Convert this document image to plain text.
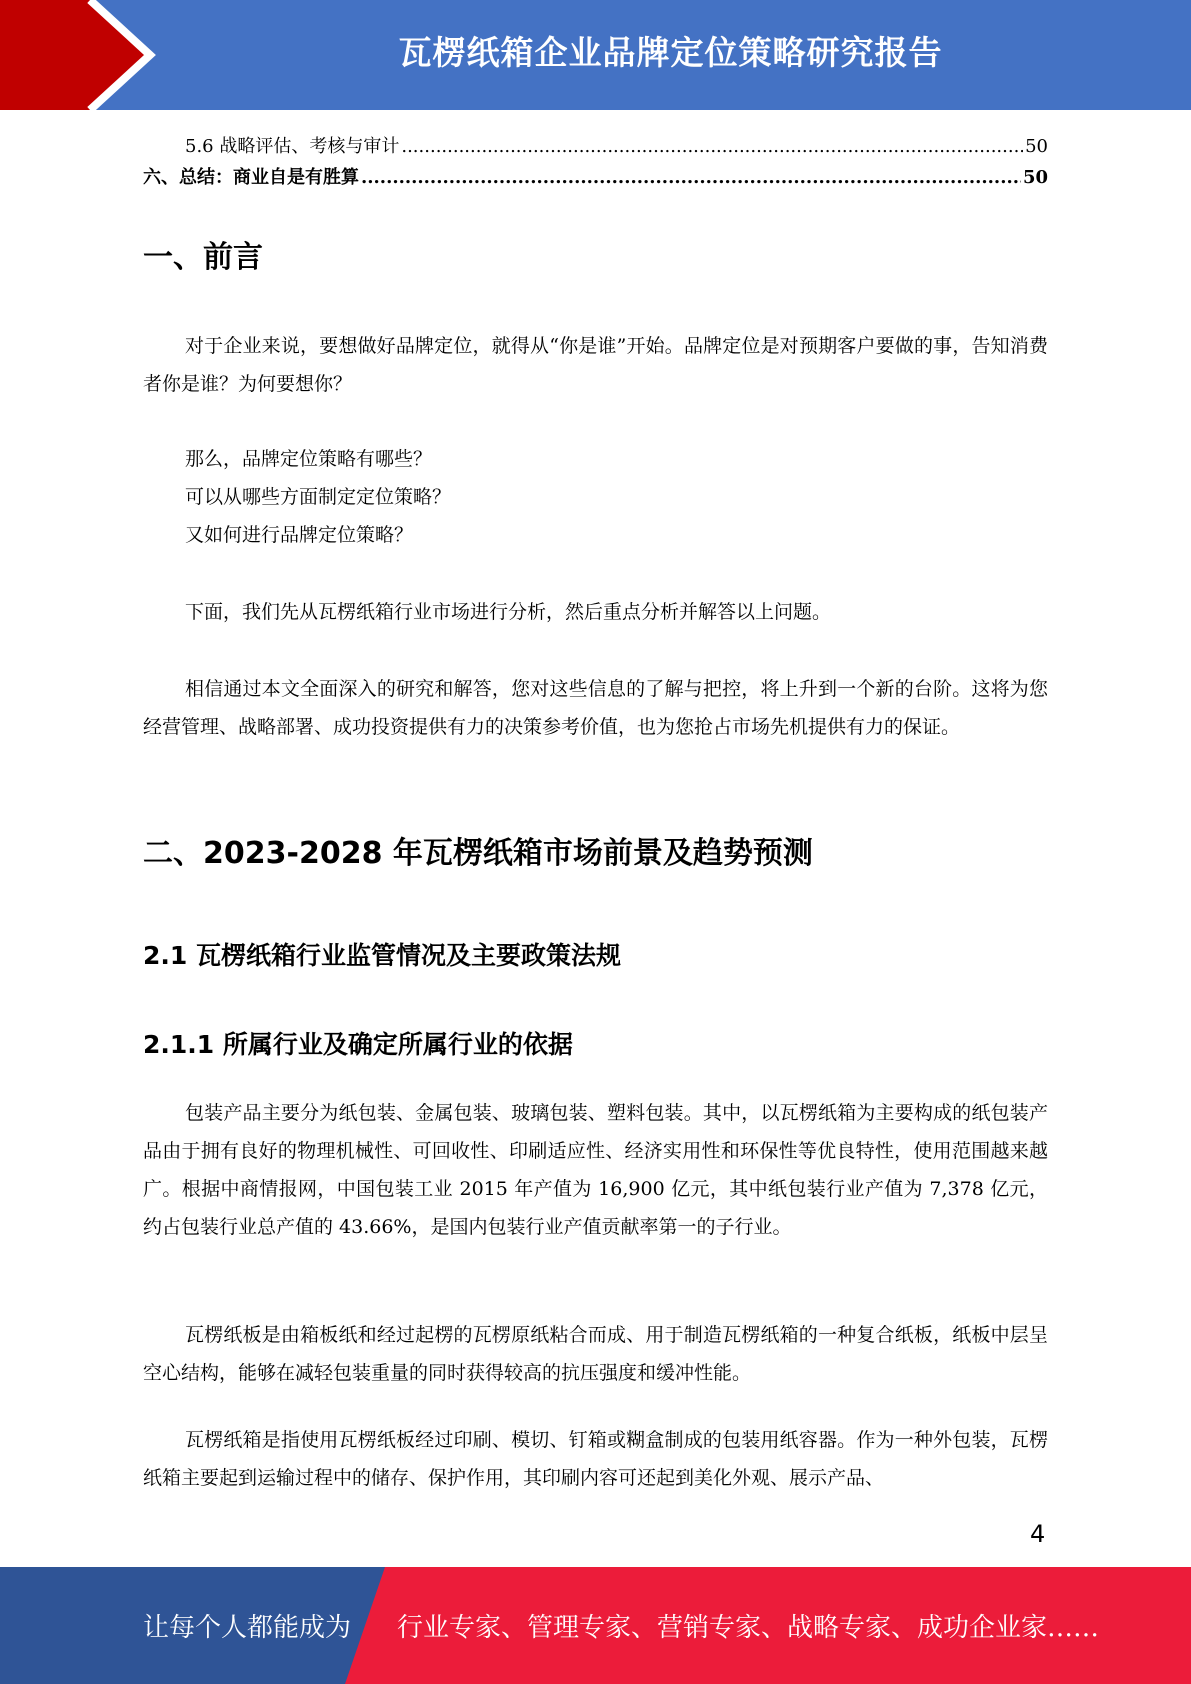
瓦楞纸箱企业品牌定位策略研究报告
5.6 战略评估、考核与审计 .....	50
六、总结：商业自是有胜算 .....	50
一、前言

对于企业来说，要想做好品牌定位，就得从“你是谁”开始。品牌定位是对预期客户要做的事，告知消费者你是谁？为何要想你？

那么，品牌定位策略有哪些？

可以从哪些方面制定定位策略？

又如何进行品牌定位策略？

下面，我们先从瓦楞纸箱行业市场进行分析，然后重点分析并解答以上问题。

相信通过本文全面深入的研究和解答，您对这些信息的了解与把控，将上升到一个新的台阶。这将为您经营管理、战略部署、成功投资提供有力的决策参考价值，也为您抢占市场先机提供有力的保证。

二、2023-2028 年瓦楞纸箱市场前景及趋势预测
2.1 瓦楞纸箱行业监管情况及主要政策法规
2.1.1 所属行业及确定所属行业的依据

包装产品主要分为纸包装、金属包装、玻璃包装、塑料包装。其中，以瓦楞纸箱为主要构成的纸包装产品由于拥有良好的物理机械性、可回收性、印刷适应性、经济实用性和环保性等优良特性，使用范围越来越广。根据中商情报网，中国包装工业 2015 年产值为 16,900 亿元，其中纸包装行业产值为 7,378 亿元，约占包装行业总产值的 43.66%，是国内包装行业产值贡献率第一的子行业。

瓦楞纸板是由箱板纸和经过起楞的瓦楞原纸粘合而成、用于制造瓦楞纸箱的一种复合纸板，纸板中层呈空心结构，能够在减轻包装重量的同时获得较高的抗压强度和缓冲性能。

瓦楞纸箱是指使用瓦楞纸板经过印刷、模切、钉箱或糊盒制成的包装用纸容器。作为一种外包装，瓦楞纸箱主要起到运输过程中的储存、保护作用，其印刷内容可还起到美化外观、展示产品、

4
让每个人都能成为 行业专家、管理专家、营销专家、战略专家、成功企业家……
